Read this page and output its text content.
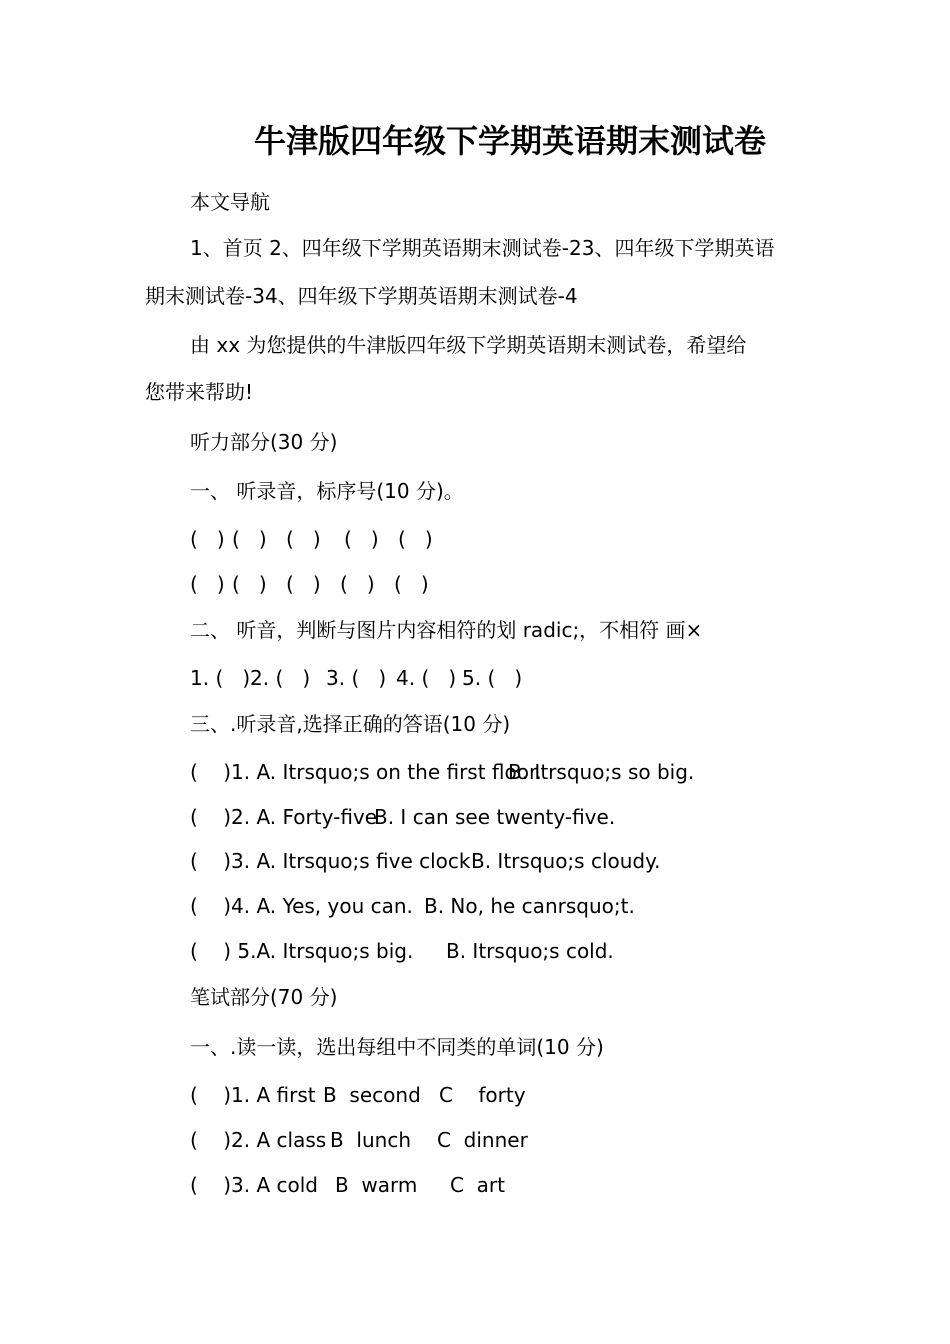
牛津版四年级下学期英语期末测试卷
本文导航
1、首页 2、四年级下学期英语期末测试卷-23、四年级下学期英语
期末测试卷-34、四年级下学期英语期末测试卷-4
由 xx 为您提供的牛津版四年级下学期英语期末测试卷，希望给
您带来帮助!
听力部分(30 分)
一、 听录音，标序号(10 分)。
(   ) (   ) (   ) (   ) (   )
(   ) (   ) (   ) (   ) (   )
二、 听音，判断与图片内容相符的划 radic;，不相符 画×
1. (   ) 2. (   ) 3. (   ) 4. (   ) 5. (   )
三、.听录音,选择正确的答语(10 分)
(    )1. A. Itrsquo;s on the first floor.
B. Itrsquo;s so big.
(    )2. A. Forty-five
B. I can see twenty-five.
(    )3. A. Itrsquo;s five clock B. Itrsquo;s cloudy.
(    )4. A. Yes, you can. B. No, he canrsquo;t.
(    ) 5.A. Itrsquo;s big. B. Itrsquo;s cold.
笔试部分(70 分)
一、.读一读，选出每组中不同类的单词(10 分)
(    )1. A first B  second C    forty
(    )2. A class B  lunch C  dinner
(    )3. A cold B  warm C  art
